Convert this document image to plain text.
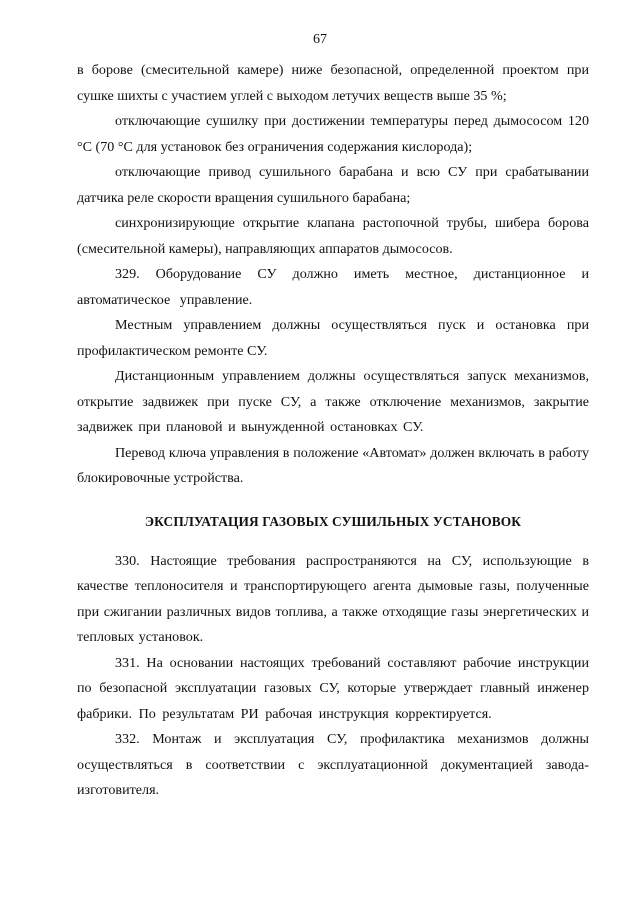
67

в борове (смесительной камере) ниже безопасной, определенной проектом при сушке шихты с участием углей с выходом летучих веществ выше 35 %;

отключающие сушилку при достижении температуры перед дымососом 120 °С (70 °С для установок без ограничения содержания кислорода);

отключающие привод сушильного барабана и всю СУ при срабатывании датчика реле скорости вращения сушильного барабана;

синхронизирующие открытие клапана растопочной трубы, шибера борова (смесительной камеры), направляющих аппаратов дымососов.

329. Оборудование СУ должно иметь местное, дистанционное и автоматическое управление.

Местным управлением должны осуществляться пуск и остановка при профилактическом ремонте СУ.

Дистанционным управлением должны осуществляться запуск механизмов, открытие задвижек при пуске СУ, а также отключение механизмов, закрытие задвижек при плановой и вынужденной остановках СУ.

Перевод ключа управления в положение «Автомат» должен включать в работу блокировочные устройства.

ЭКСПЛУАТАЦИЯ ГАЗОВЫХ СУШИЛЬНЫХ УСТАНОВОК

330. Настоящие требования распространяются на СУ, использующие в качестве теплоносителя и транспортирующего агента дымовые газы, полученные при сжигании различных видов топлива, а также отходящие газы энергетических и тепловых установок.

331. На основании настоящих требований составляют рабочие инструкции по безопасной эксплуатации газовых СУ, которые утверждает главный инженер фабрики. По результатам РИ рабочая инструкция корректируется.

332. Монтаж и эксплуатация СУ, профилактика механизмов должны осуществляться в соответствии с эксплуатационной документацией завода-изготовителя.
